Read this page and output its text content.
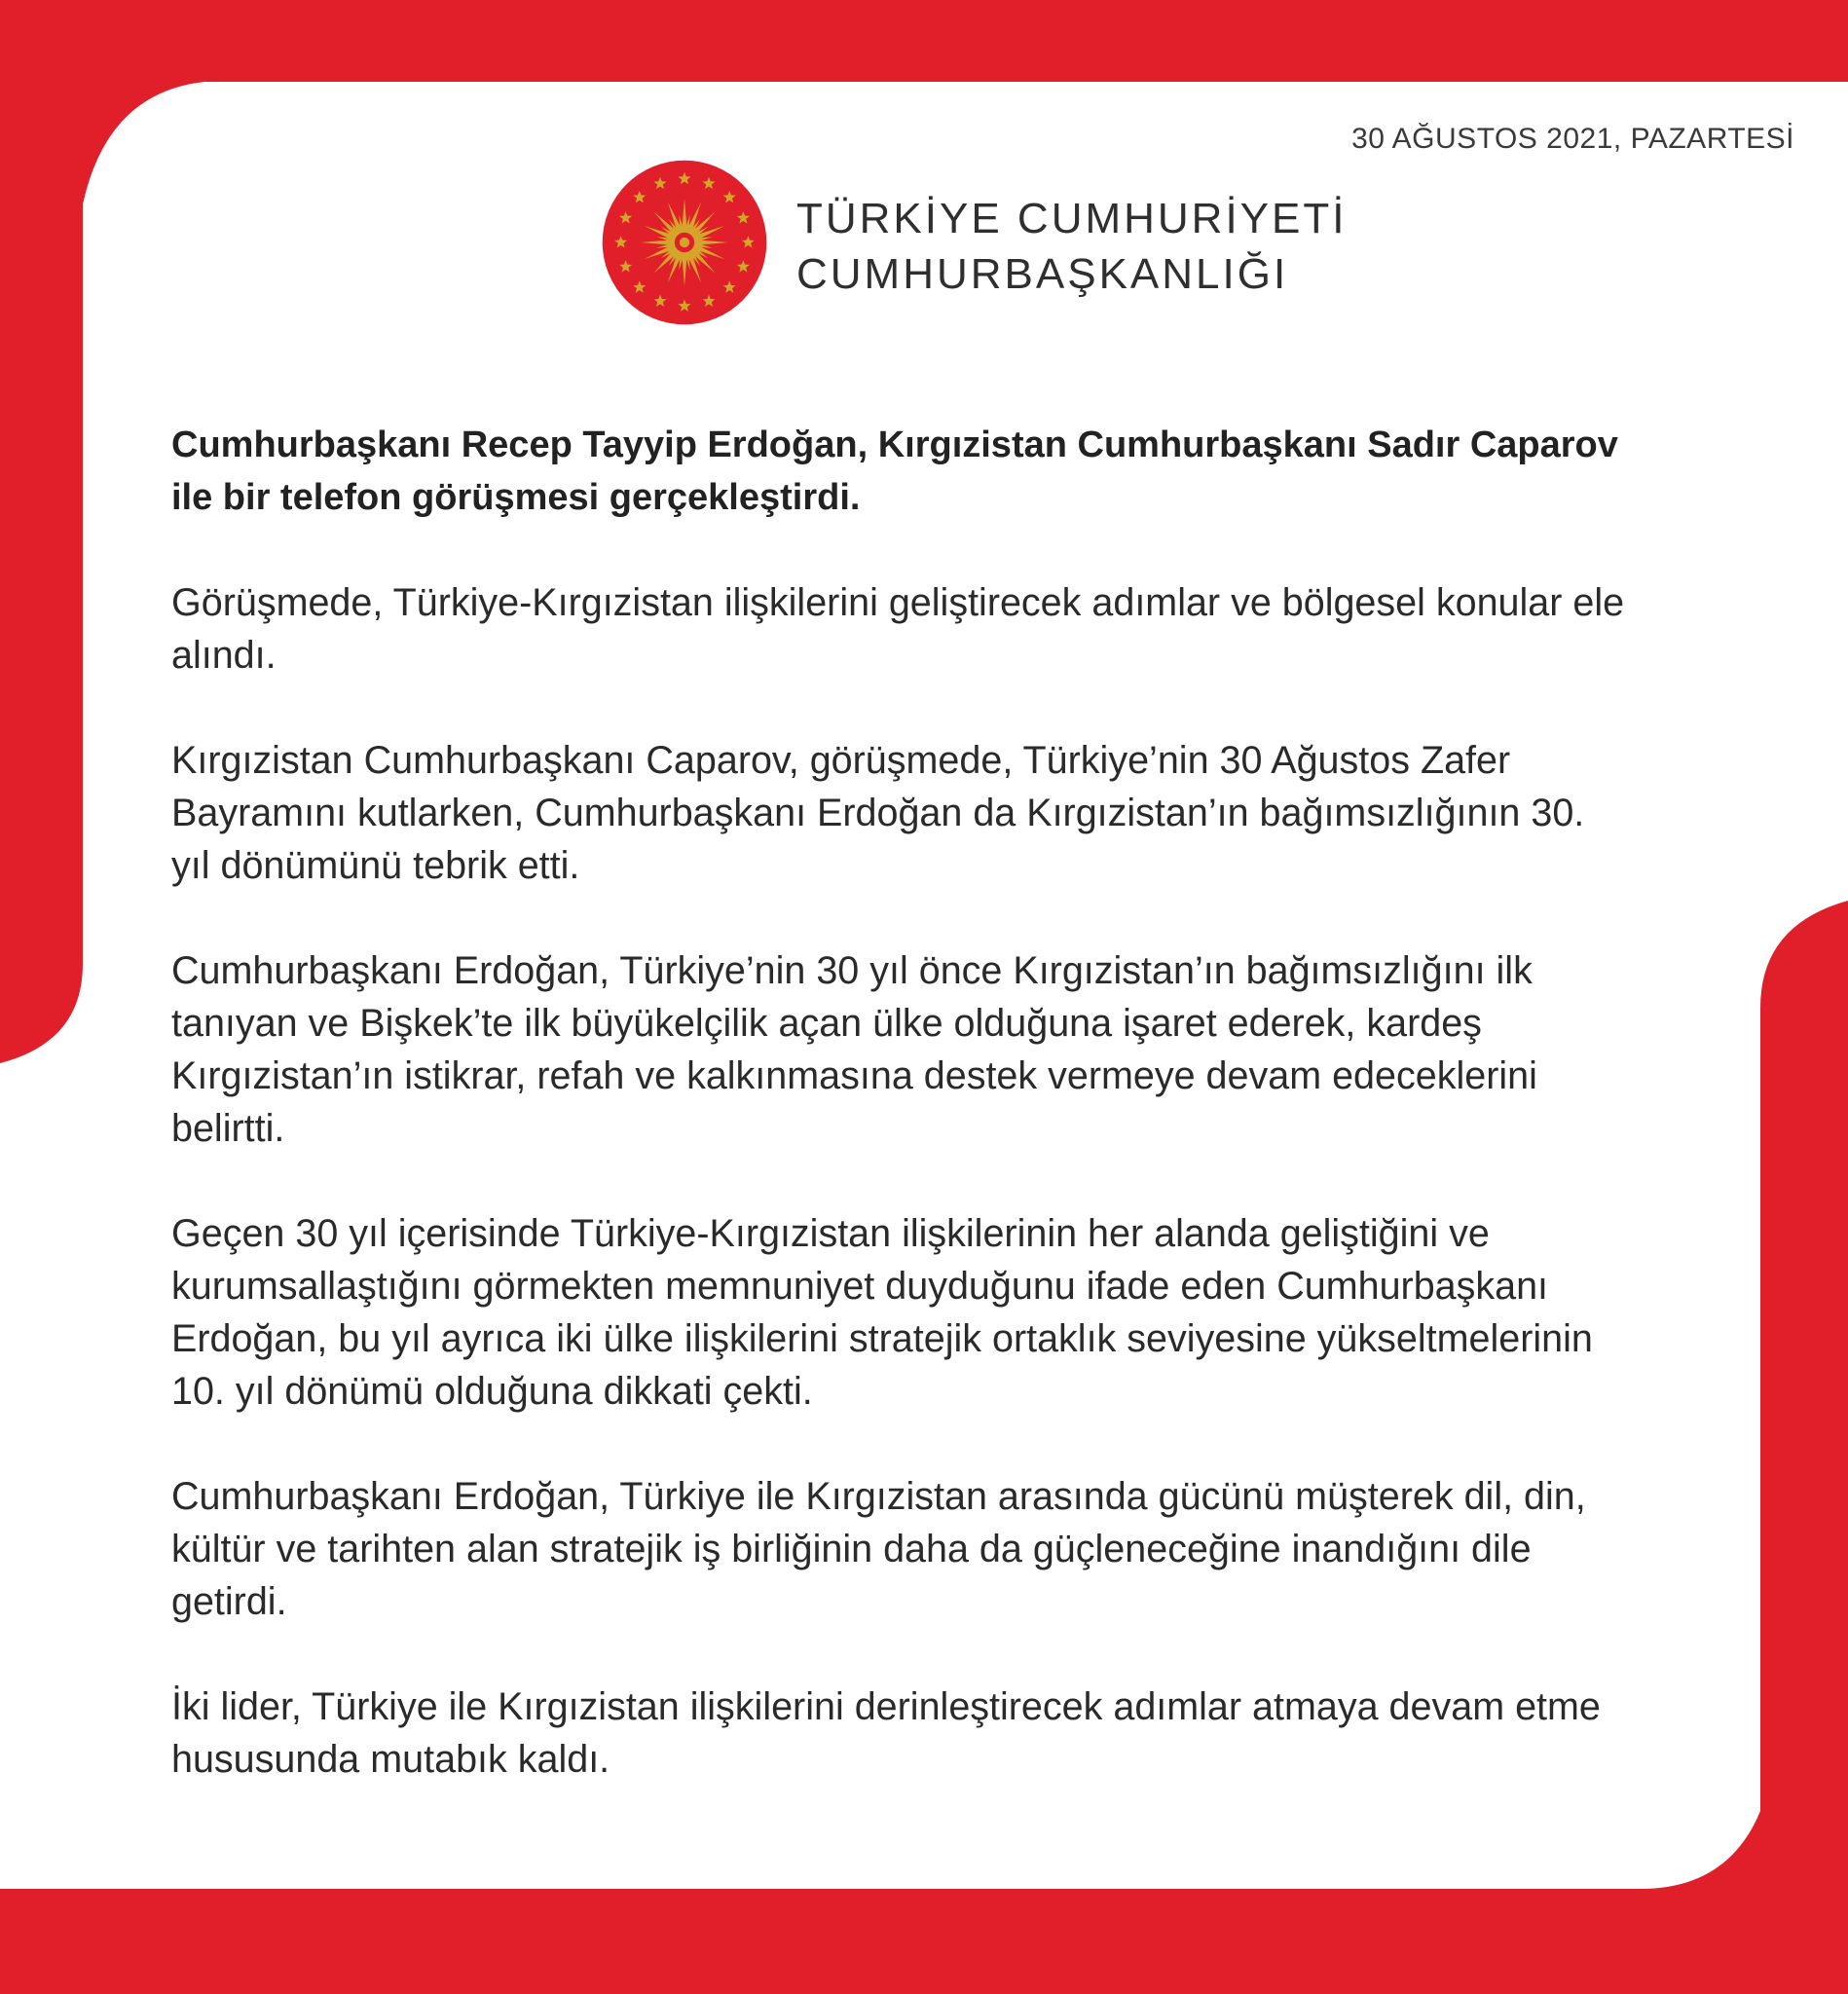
30 AĞUSTOS 2021, PAZARTESİ
TÜRKİYE CUMHURİYETİ
CUMHURBAŞKANLIĞI
Cumhurbaşkanı Recep Tayyip Erdoğan, Kırgızistan Cumhurbaşkanı Sadır Caparov ile bir telefon görüşmesi gerçekleştirdi.
Görüşmede, Türkiye-Kırgızistan ilişkilerini geliştirecek adımlar ve bölgesel konular ele alındı.
Kırgızistan Cumhurbaşkanı Caparov, görüşmede, Türkiye’nin 30 Ağustos Zafer Bayramını kutlarken, Cumhurbaşkanı Erdoğan da Kırgızistan’ın bağımsızlığının 30. yıl dönümünü tebrik etti.
Cumhurbaşkanı Erdoğan, Türkiye’nin 30 yıl önce Kırgızistan’ın bağımsızlığını ilk tanıyan ve Bişkek’te ilk büyükelçilik açan ülke olduğuna işaret ederek, kardeş Kırgızistan’ın istikrar, refah ve kalkınmasına destek vermeye devam edeceklerini belirtti.
Geçen 30 yıl içerisinde Türkiye-Kırgızistan ilişkilerinin her alanda geliştiğini ve kurumsallaştığını görmekten memnuniyet duyduğunu ifade eden Cumhurbaşkanı Erdoğan, bu yıl ayrıca iki ülke ilişkilerini stratejik ortaklık seviyesine yükseltmelerinin 10. yıl dönümü olduğuna dikkati çekti.
Cumhurbaşkanı Erdoğan, Türkiye ile Kırgızistan arasında gücünü müşterek dil, din, kültür ve tarihten alan stratejik iş birliğinin daha da güçleneceğine inandığını dile getirdi.
İki lider, Türkiye ile Kırgızistan ilişkilerini derinleştirecek adımlar atmaya devam etme hususunda mutabık kaldı.
